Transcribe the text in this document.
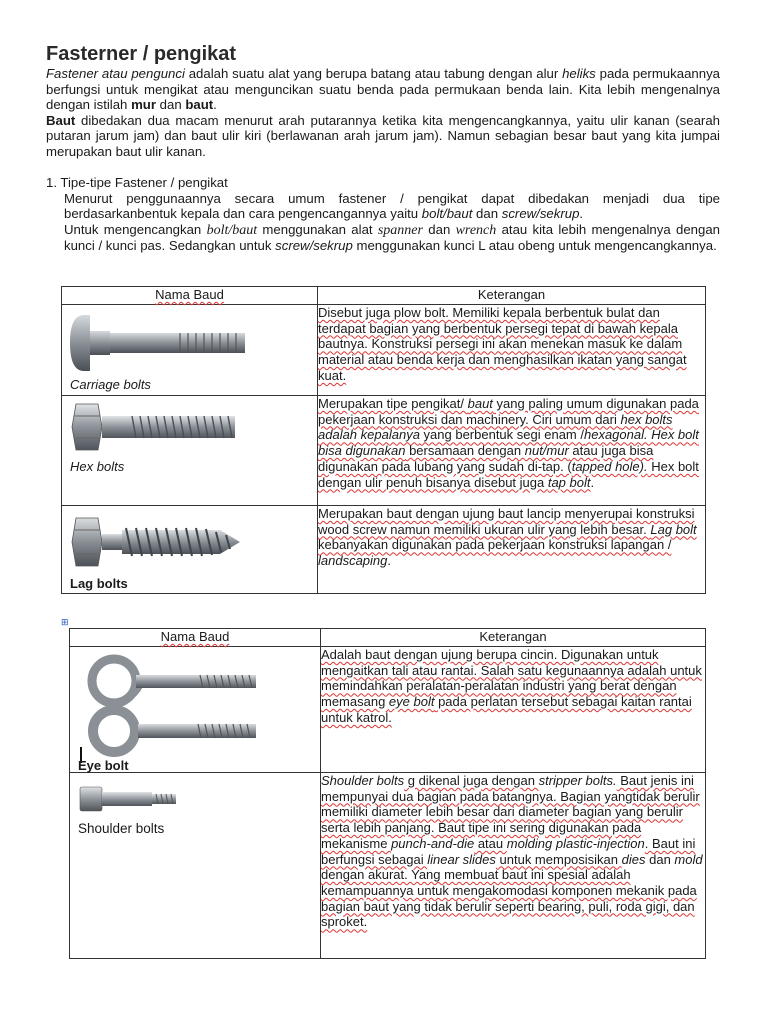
Fasterner / pengikat

Fastener atau pengunci adalah suatu alat yang berupa batang atau tabung dengan alur heliks pada permukaannya berfungsi untuk mengikat atau menguncikan suatu benda pada permukaan benda lain. Kita lebih mengenalnya dengan istilah mur dan baut.

Baut dibedakan dua macam menurut arah putarannya ketika kita mengencangkannya, yaitu ulir kanan (searah putaran jarum jam) dan baut ulir kiri (berlawanan arah jarum jam). Namun sebagian besar baut yang kita jumpai merupakan baut ulir kanan.

1. Tipe-tipe Fastener / pengikat

Menurut penggunaannya secara umum fastener / pengikat dapat dibedakan menjadi dua tipe berdasarkanbentuk kepala dan cara pengencangannya yaitu bolt/baut dan screw/sekrup.

Untuk mengencangkan bolt/baut menggunakan alat spanner dan wrench atau kita lebih mengenalnya dengan kunci / kunci pas. Sedangkan untuk screw/sekrup menggunakan kunci L atau obeng untuk mengencangkannya.

Nama Baud	Keterangan

Carriage bolts	Disebut juga plow bolt. Memiliki kepala berbentuk bulat dan terdapat bagian yang berbentuk persegi tepat di bawah kepala bautnya. Konstruksi persegi ini akan menekan masuk ke dalam material atau benda kerja dan menghasilkan ikatan yang sangat kuat.

Hex bolts	Merupakan tipe pengikat/ baut yang paling umum digunakan pada pekerjaan konstruksi dan machinery. Ciri umum dari hex bolts adalah kepalanya yang berbentuk segi enam /hexagonal. Hex bolt bisa digunakan bersamaan dengan nut/mur atau juga bisa digunakan pada lubang yang sudah di-tap. (tapped hole). Hex bolt dengan ulir penuh bisanya disebut juga tap bolt.

Lag bolts	Merupakan baut dengan ujung baut lancip menyerupai konstruksi wood screw namun memiliki ukuran ulir yang lebih besar. Lag bolt kebanyakan digunakan pada pekerjaan konstruksi lapangan / landscaping.
⊞
Nama Baud	Keterangan

Eye bolt	Adalah baut dengan ujung berupa cincin. Digunakan untuk mengaitkan tali atau rantai. Salah satu kegunaannya adalah untuk memindahkan peralatan-peralatan industri yang berat dengan memasang eye bolt pada perlatan tersebut sebagai kaitan rantai untuk katrol.

Shoulder bolts	Shoulder bolts g dikenal juga dengan stripper bolts. Baut jenis ini mempunyai dua bagian pada batangnya. Bagian yangtidak berulir memiliki diameter lebih besar dari diameter bagian yang berulir serta lebih panjang. Baut tipe ini sering digunakan pada mekanisme punch-and-die atau molding plastic-injection. Baut ini berfungsi sebagai linear slides untuk memposisikan dies dan mold dengan akurat. Yang membuat baut ini spesial adalah kemampuannya untuk mengakomodasi komponen mekanik pada bagian baut yang tidak berulir seperti bearing, puli, roda gigi, dan sproket.
